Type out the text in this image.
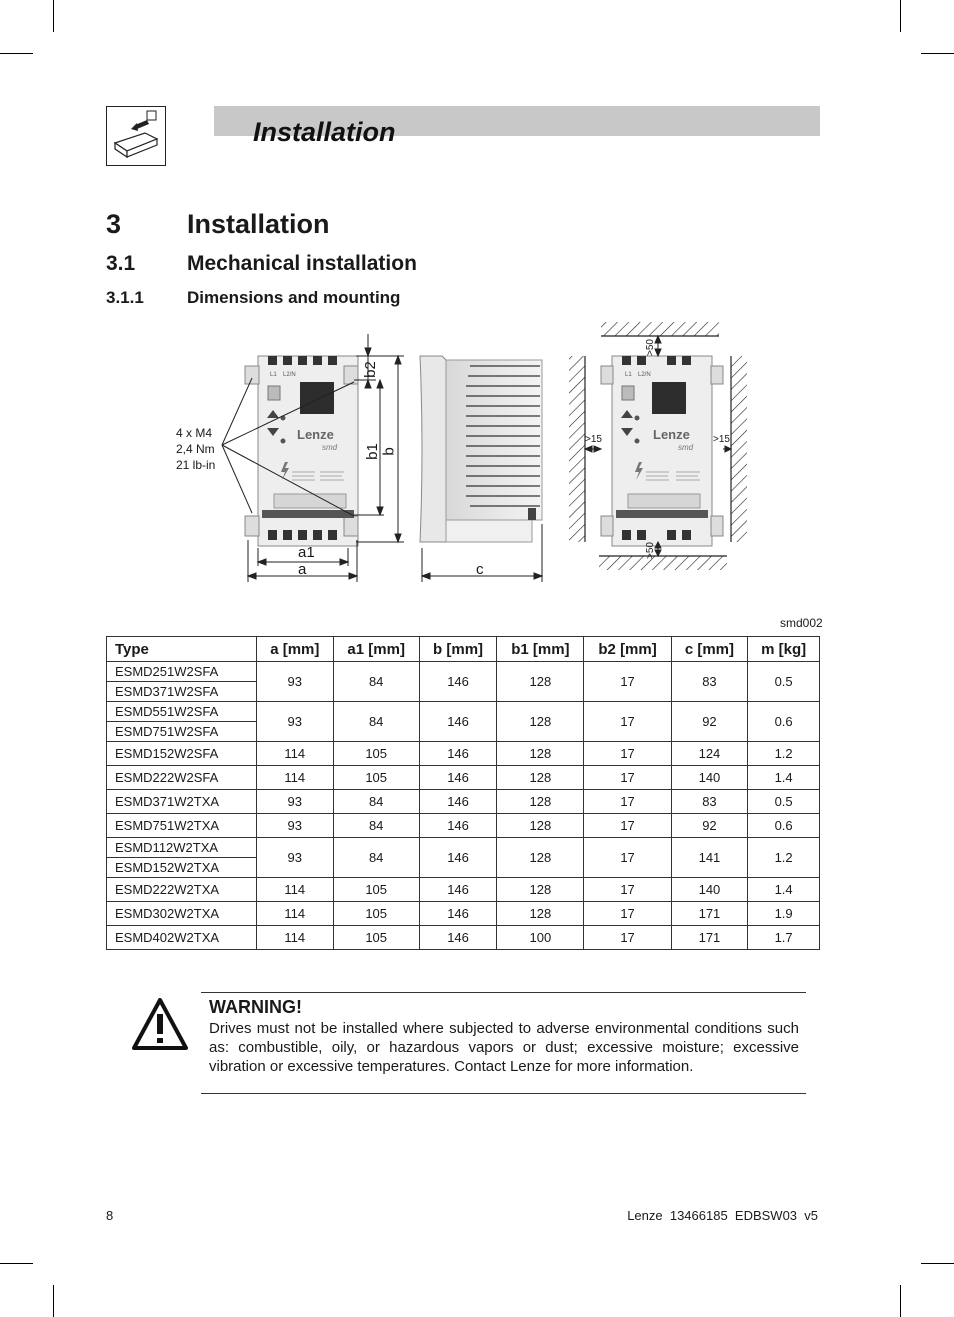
Installation
3 Installation
3.1 Mechanical installation
3.1.1	Dimensions and mounting
Lenze
smd
L1 L2/N
Lenze
smd
L1 L2/N
4 x M4
2,4 Nm
21 lb-in
a1
a	c
b2
b1 b
>50
>50
>15	>15
smd002
Type	a [mm]	a1 [mm]	b [mm]	b1 [mm]	b2 [mm]	c [mm]	m [kg]
ESMD251W2SFA	93	84	146	128	17	83	0.5
ESMD371W2SFA							
ESMD551W2SFA	93	84	146	128	17	92	0.6
ESMD751W2SFA							
ESMD152W2SFA	114	105	146	128	17	124	1.2
ESMD222W2SFA	114	105	146	128	17	140	1.4
ESMD371W2TXA	93	84	146	128	17	83	0.5
ESMD751W2TXA	93	84	146	128	17	92	0.6
ESMD112W2TXA	93	84	146	128	17	141	1.2
ESMD152W2TXA							
ESMD222W2TXA	114	105	146	128	17	140	1.4
ESMD302W2TXA	114	105	146	128	17	171	1.9
ESMD402W2TXA	114	105	146	100	17	171	1.7
WARNING!
Drives must not be installed where subjected to adverse environmental conditions such as: combustible, oily, or hazardous vapors or dust; excessive moisture; excessive vibration or excessive temperatures. Contact Lenze for more information.
8	Lenze  13466185  EDBSW03  v5
